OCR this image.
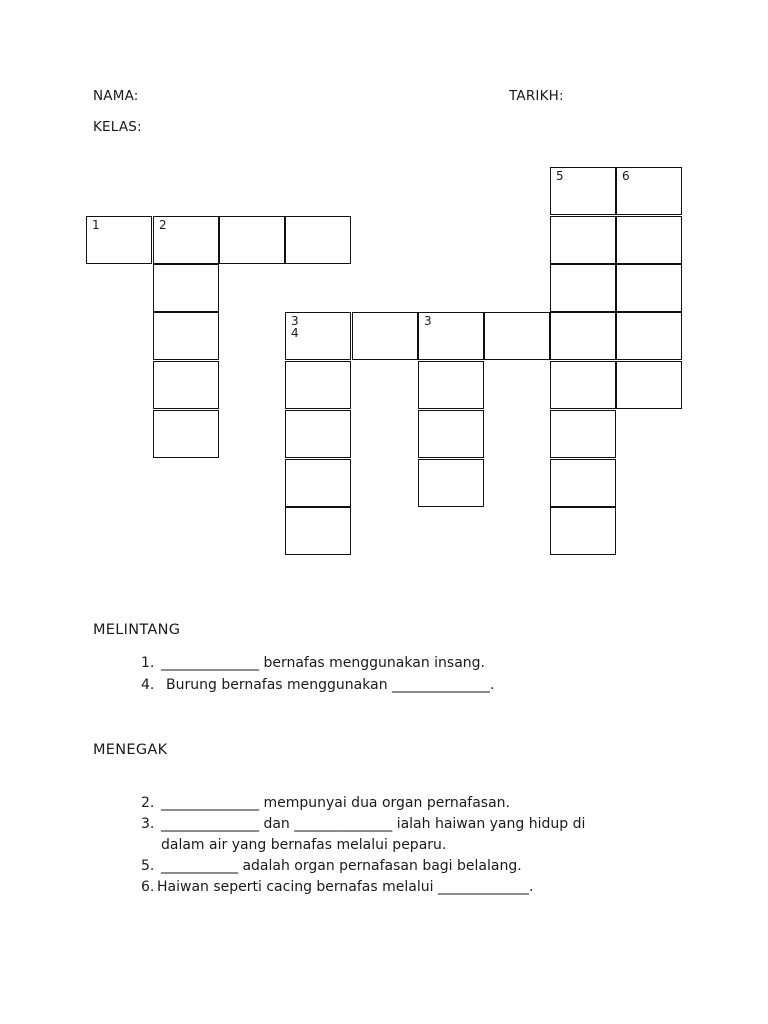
NAMA:	TARIKH:
KELAS:
5	6
1	2
3
4
3
MELINTANG
1. ______________ bernafas menggunakan insang.
4. Burung bernafas menggunakan ______________.
MENEGAK
2. ______________ mempunyai dua organ pernafasan.
3. ______________ dan ______________ ialah haiwan yang hidup di
dalam air yang bernafas melalui peparu.
5. ___________ adalah organ pernafasan bagi belalang.
6. Haiwan seperti cacing bernafas melalui _____________.
